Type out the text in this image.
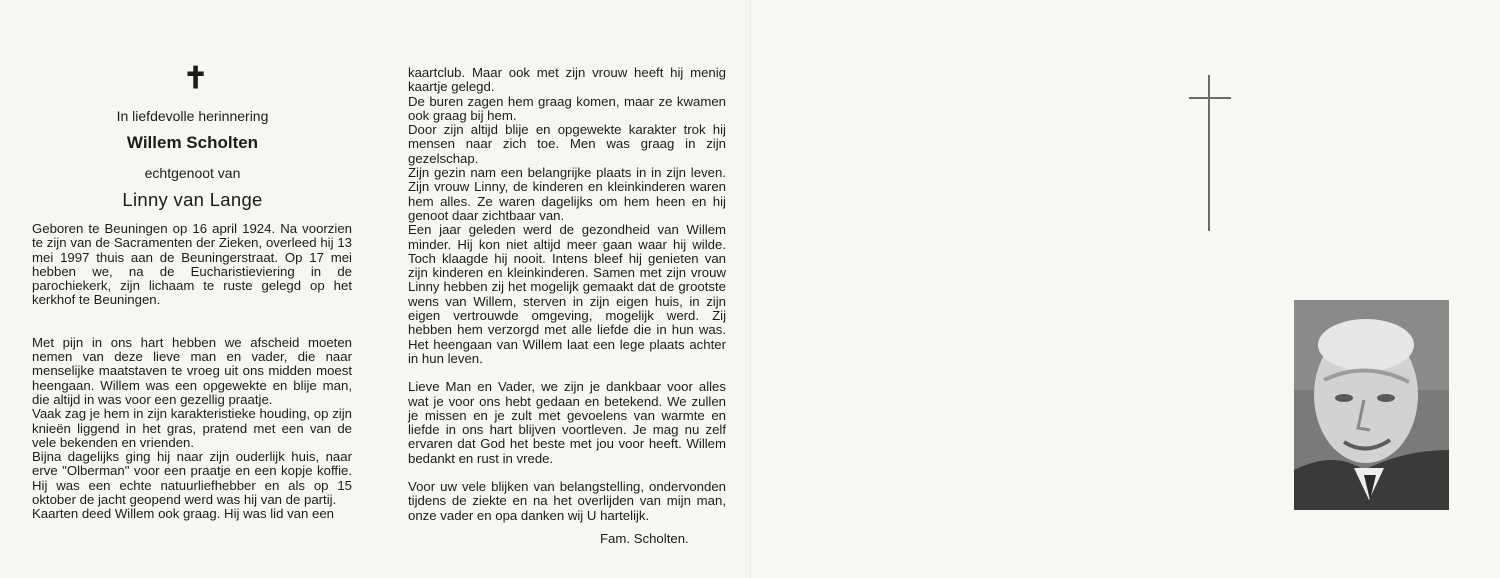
✝
In liefdevolle herinnering
Willem Scholten
echtgenoot van
Linny van Lange

Geboren te Beuningen op 16 april 1924. Na voorzien te zijn van de Sacramenten der Zieken, overleed hij 13 mei 1997 thuis aan de Beuningerstraat. Op 17 mei hebben we, na de Eucharistieviering in de parochiekerk, zijn lichaam te ruste gelegd op het kerkhof te Beuningen.

Met pijn in ons hart hebben we afscheid moeten nemen van deze lieve man en vader, die naar menselijke maatstaven te vroeg uit ons midden moest heengaan. Willem was een opgewekte en blije man, die altijd in was voor een gezellig praatje.

Vaak zag je hem in zijn karakteristieke houding, op zijn knieën liggend in het gras, pratend met een van de vele bekenden en vrienden.

Bijna dagelijks ging hij naar zijn ouderlijk huis, naar erve "Olberman" voor een praatje en een kopje koffie. Hij was een echte natuurliefhebber en als op 15 oktober de jacht geopend werd was hij van de partij.

Kaarten deed Willem ook graag. Hij was lid van een

kaartclub. Maar ook met zijn vrouw heeft hij menig kaartje gelegd.

De buren zagen hem graag komen, maar ze kwamen ook graag bij hem.

Door zijn altijd blije en opgewekte karakter trok hij mensen naar zich toe. Men was graag in zijn gezelschap.

Zijn gezin nam een belangrijke plaats in in zijn leven. Zijn vrouw Linny, de kinderen en kleinkinderen waren hem alles. Ze waren dagelijks om hem heen en hij genoot daar zichtbaar van.

Een jaar geleden werd de gezondheid van Willem minder. Hij kon niet altijd meer gaan waar hij wilde. Toch klaagde hij nooit. Intens bleef hij genieten van zijn kinderen en kleinkinderen. Samen met zijn vrouw Linny hebben zij het mogelijk gemaakt dat de grootste wens van Willem, sterven in zijn eigen huis, in zijn eigen vertrouwde omgeving, mogelijk werd. Zij hebben hem verzorgd met alle liefde die in hun was. Het heengaan van Willem laat een lege plaats achter in hun leven.

Lieve Man en Vader, we zijn je dankbaar voor alles wat je voor ons hebt gedaan en betekend. We zullen je missen en je zult met gevoelens van warmte en liefde in ons hart blijven voortleven. Je mag nu zelf ervaren dat God het beste met jou voor heeft. Willem bedankt en rust in vrede.

Voor uw vele blijken van belangstelling, ondervonden tijdens de ziekte en na het overlijden van mijn man, onze vader en opa danken wij U hartelijk.

Fam. Scholten.
